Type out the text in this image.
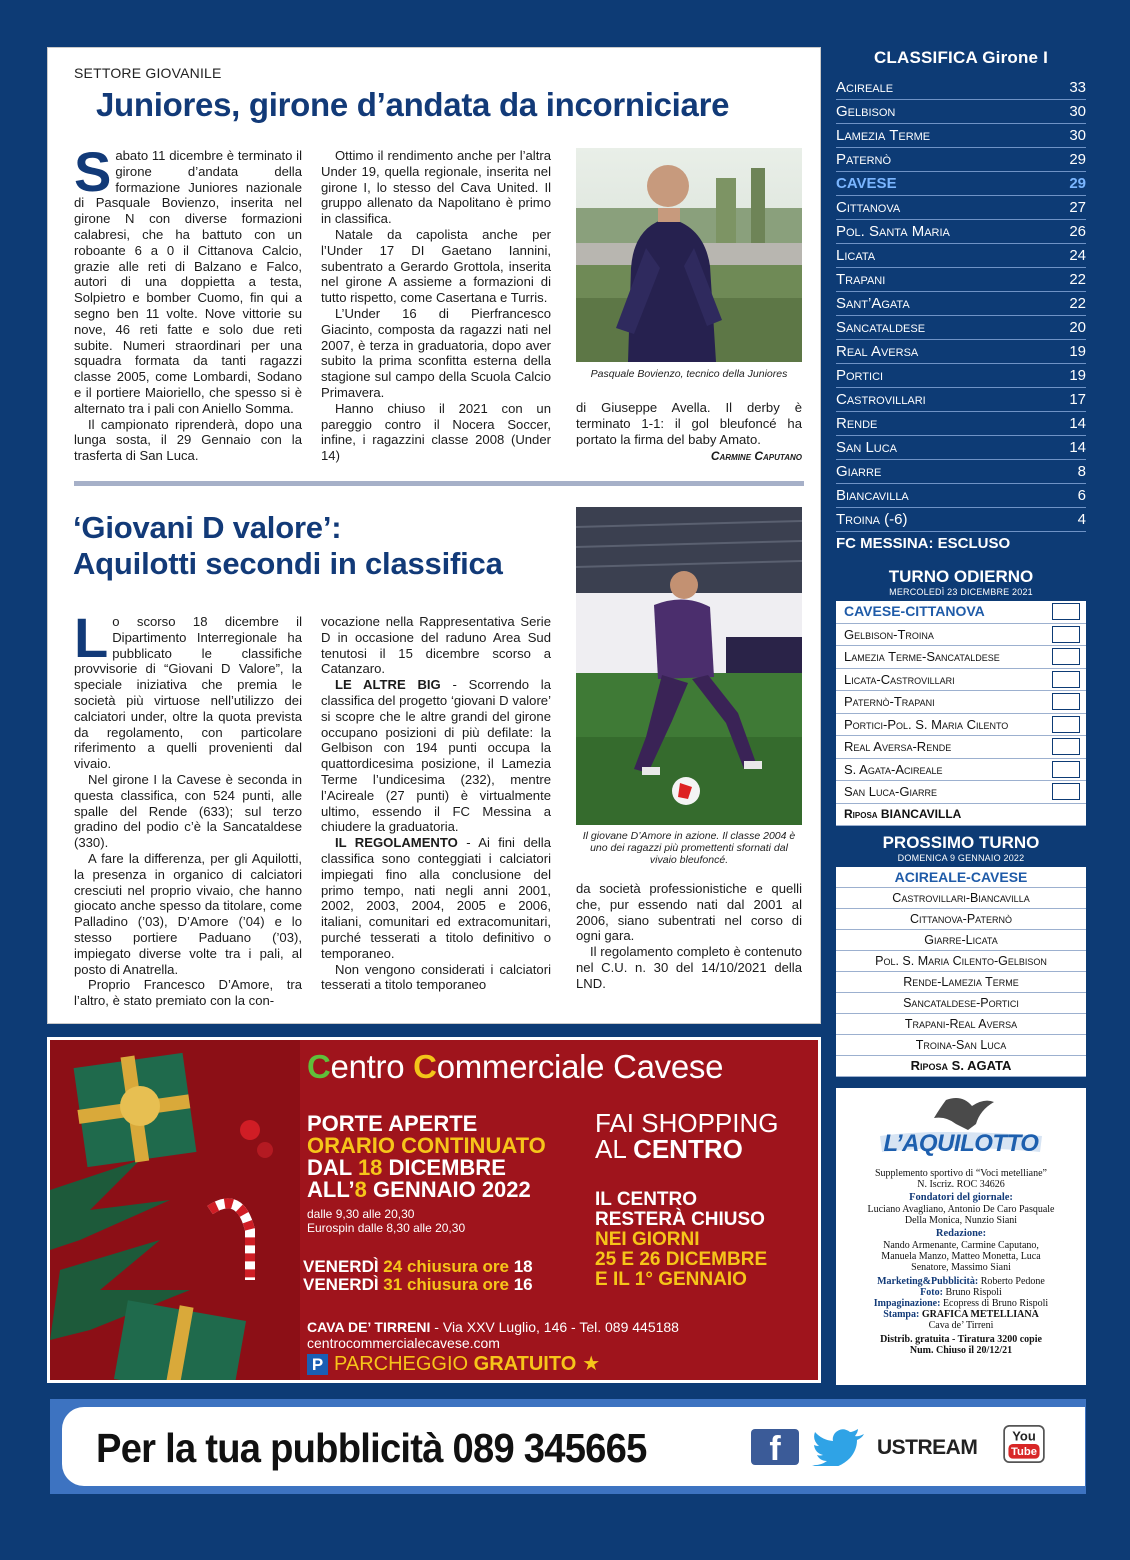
SETTORE GIOVANILE
Juniores, girone d’andata da incorniciare

Sabato 11 dicembre è terminato il girone d’andata della formazione Juniores nazionale di Pasquale Bovienzo, inserita nel girone N con diverse formazioni calabresi, che ha battuto con un roboante 6 a 0 il Cittanova Calcio, grazie alle reti di Balzano e Falco, autori di una doppietta a testa, Solpietro e bomber Cuomo, fin qui a segno ben 11 volte. Nove vittorie su nove, 46 reti fatte e solo due reti subite. Numeri straordinari per una squadra formata da tanti ragazzi classe 2005, come Lombardi, Sodano e il portiere Maioriello, che spesso si è alternato tra i pali con Aniello Somma.

Il campionato riprenderà, dopo una lunga sosta, il 29 Gennaio con la trasferta di San Luca.

Ottimo il rendimento anche per l’altra Under 19, quella regionale, inserita nel girone I, lo stesso del Cava United. Il gruppo allenato da Napolitano è primo in classifica.

Natale da capolista anche per l’Under 17 DI Gaetano Iannini, subentrato a Gerardo Grottola, inserita nel girone A assieme a formazioni di tutto rispetto, come Casertana e Turris.

L’Under 16 di Pierfrancesco Giacinto, composta da ragazzi nati nel 2007, è terza in graduatoria, dopo aver subito la prima sconfitta esterna della stagione sul campo della Scuola Calcio Primavera.

Hanno chiuso il 2021 con un pareggio contro il Nocera Soccer, infine, i ragazzini classe 2008 (Under 14)

Pasquale Bovienzo, tecnico della Juniores

di Giuseppe Avella. Il derby è terminato 1-1: il gol bleufoncé ha portato la firma del baby Amato.

Carmine Caputano
‘Giovani D valore’:
Aquilotti secondi in classifica
Il giovane D’Amore in azione. Il classe 2004 è uno dei ragazzi più promettenti sfornati dal vivaio bleufoncé.

Lo scorso 18 dicembre il Dipartimento Interregionale ha pubblicato le classifiche provvisorie di “Giovani D Valore”, la speciale iniziativa che premia le società più virtuose nell’utilizzo dei calciatori under, oltre la quota prevista da regolamento, con particolare riferimento a quelli provenienti dal vivaio.

Nel girone I la Cavese è seconda in questa classifica, con 524 punti, alle spalle del Rende (633); sul terzo gradino del podio c’è la Sancataldese (330).

A fare la differenza, per gli Aquilotti, la presenza in organico di calciatori cresciuti nel proprio vivaio, che hanno giocato anche spesso da titolare, come Palladino (’03), D’Amore (’04) e lo stesso portiere Paduano (’03), impiegato diverse volte tra i pali, al posto di Anatrella.

Proprio Francesco D’Amore, tra l’altro, è stato premiato con la con-

vocazione nella Rappresentativa Serie D in occasione del raduno Area Sud tenutosi il 15 dicembre scorso a Catanzaro.

LE ALTRE BIG - Scorrendo la classifica del progetto ‘giovani D valore’ si scopre che le altre grandi del girone occupano posizioni di più defilate: la Gelbison con 194 punti occupa la quattordicesima posizione, il Lamezia Terme l’undicesima (232), mentre l’Acireale (27 punti) è virtualmente ultimo, essendo il FC Messina a chiudere la graduatoria.

IL REGOLAMENTO - Ai fini della classifica sono conteggiati i calciatori impiegati fino alla conclusione del primo tempo, nati negli anni 2001, 2002, 2003, 2004, 2005 e 2006, italiani, comunitari ed extracomunitari, purché tesserati a titolo definitivo o temporaneo.

Non vengono considerati i calciatori tesserati a titolo temporaneo

da società professionistiche e quelli che, pur essendo nati dal 2001 al 2006, siano subentrati nel corso di ogni gara.

Il regolamento completo è contenuto nel C.U. n. 30 del 14/10/2021 della LND.

CLASSIFICA Girone I
Acireale	33
Gelbison	30
Lamezia Terme	30
Paternò	29
CAVESE	29
Cittanova	27
Pol. Santa Maria	26
Licata	24
Trapani	22
Sant’Agata	22
Sancataldese	20
Real Aversa	19
Portici	19
Castrovillari	17
Rende	14
San Luca	14
Giarre	8
Biancavilla	6
Troina (-6)	4
FC MESSINA: ESCLUSO
TURNO ODIERNO
MERCOLEDÌ 23 DICEMBRE 2021
CAVESE-CITTANOVA
Gelbison-Troina
Lamezia Terme-Sancataldese
Licata-Castrovillari
Paternò-Trapani
Portici-Pol. S. Maria Cilento
Real Aversa-Rende
S. Agata-Acireale
San Luca-Giarre
Riposa BIANCAVILLA
PROSSIMO TURNO
DOMENICA 9 GENNAIO 2022
ACIREALE-CAVESE
Castrovillari-Biancavilla
Cittanova-Paternò
Giarre-Licata
Pol. S. Maria Cilento-Gelbison
Rende-Lamezia Terme
Sancataldese-Portici
Trapani-Real Aversa
Troina-San Luca
Riposa S. AGATA
L’AQUILOTTO
Supplemento sportivo di “Voci metelliane”
N. Iscriz. ROC 34626
Fondatori del giornale:
Luciano Avagliano, Antonio De Caro Pasquale Della Monica, Nunzio Siani
Redazione:
Nando Armenante, Carmine Caputano, Manuela Manzo, Matteo Monetta, Luca Senatore, Massimo Siani
Marketing&Pubblicità: Roberto Pedone
Foto: Bruno Rispoli
Impaginazione: Ecopress di Bruno Rispoli
Stampa: GRAFICA METELLIANA
Cava de’ Tirreni
Distrib. gratuita - Tiratura 3200 copie
Num. Chiuso il 20/12/21
Centro Commerciale Cavese
PORTE APERTE
ORARIO CONTINUATO
DAL 18 DICEMBRE
ALL’8 GENNAIO 2022
dalle 9,30 alle 20,30
Eurospin dalle 8,30 alle 20,30
VENERDÌ 24 chiusura ore 18
VENERDÌ 31 chiusura ore 16
FAI SHOPPING
AL CENTRO
IL CENTRO
RESTERÀ CHIUSO
NEI GIORNI
25 E 26 DICEMBRE
E IL 1° GENNAIO
CAVA DE’ TIRRENI - Via XXV Luglio, 146 - Tel. 089 445188
centrocommercialecavese.com
P PARCHEGGIO GRATUITO ★
Per la tua pubblicità 089 345665	f	USTREAM You
Tube
